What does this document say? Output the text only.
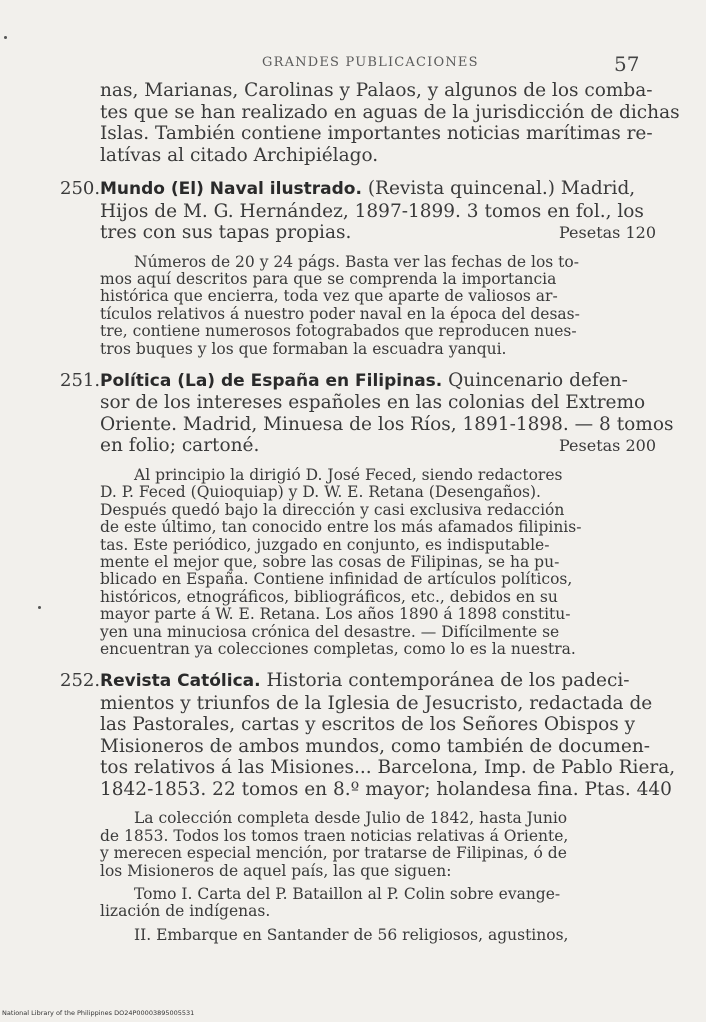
GRANDES PUBLICACIONES	57
nas, Marianas, Carolinas y Palaos, y algunos de los comba-
tes que se han realizado en aguas de la jurisdicción de dichas
Islas. También contiene importantes noticias marítimas re-
latívas al citado Archipiélago.
250. Mundo (El) Naval ilustrado. (Revista quincenal.) Madrid,
Hijos de M. G. Hernández, 1897-1899. 3 tomos en fol., los
tres con sus tapas propias.	Pesetas 120
Números de 20 y 24 págs. Basta ver las fechas de los to-
mos aquí descritos para que se comprenda la importancia
histórica que encierra, toda vez que aparte de valiosos ar-
tículos relativos á nuestro poder naval en la época del desas-
tre, contiene numerosos fotograbados que reproducen nues-
tros buques y los que formaban la escuadra yanqui.
251. Política (La) de España en Filipinas. Quincenario defen-
sor de los intereses españoles en las colonias del Extremo
Oriente. Madrid, Minuesa de los Ríos, 1891-1898. — 8 tomos
en folio; cartoné.	Pesetas 200
Al principio la dirigió D. José Feced, siendo redactores
D. P. Feced (Quioquiap) y D. W. E. Retana (Desengaños).
Después quedó bajo la dirección y casi exclusiva redacción
de este último, tan conocido entre los más afamados filipinis-
tas. Este periódico, juzgado en conjunto, es indisputable-
mente el mejor que, sobre las cosas de Filipinas, se ha pu-
blicado en España. Contiene infinidad de artículos políticos,
históricos, etnográficos, bibliográficos, etc., debidos en su
mayor parte á W. E. Retana. Los años 1890 á 1898 constitu-
yen una minuciosa crónica del desastre. — Difícilmente se
encuentran ya colecciones completas, como lo es la nuestra.
252. Revista Católica. Historia contemporánea de los padeci-
mientos y triunfos de la Iglesia de Jesucristo, redactada de
las Pastorales, cartas y escritos de los Señores Obispos y
Misioneros de ambos mundos, como también de documen-
tos relativos á las Misiones... Barcelona, Imp. de Pablo Riera,
1842-1853. 22 tomos en 8.º mayor; holandesa fina. Ptas. 440
La colección completa desde Julio de 1842, hasta Junio
de 1853. Todos los tomos traen noticias relativas á Oriente,
y merecen especial mención, por tratarse de Filipinas, ó de
los Misioneros de aquel país, las que siguen:
Tomo I. Carta del P. Bataillon al P. Colin sobre evange-
lización de indígenas.
II. Embarque en Santander de 56 religiosos, agustinos,
National Library of the Philippines DO24P00003895005531
